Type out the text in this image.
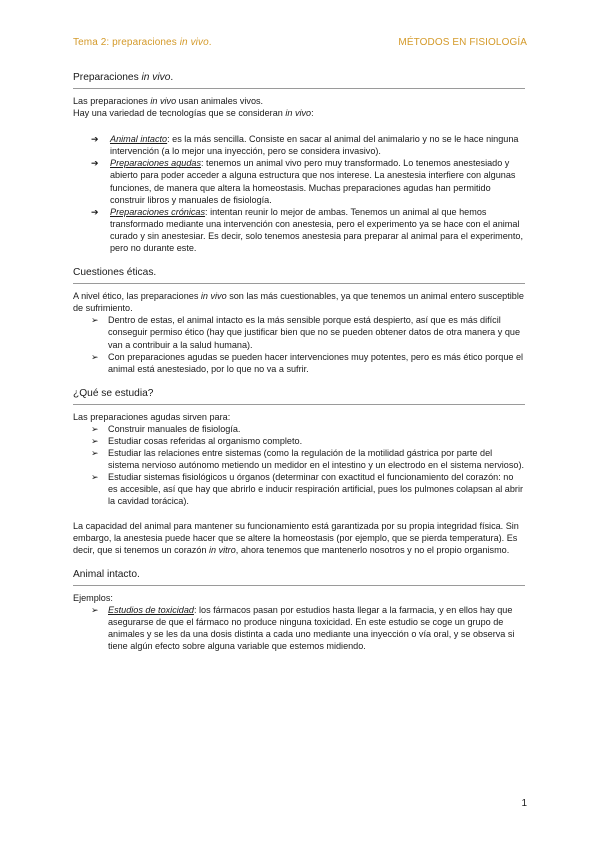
Tema 2: preparaciones in vivo.	MÉTODOS EN FISIOLOGÍA
Preparaciones in vivo.

Las preparaciones in vivo usan animales vivos.

Hay una variedad de tecnologías que se consideran in vivo:

➔ Animal intacto: es la más sencilla. Consiste en sacar al animal del animalario y no se le hace ninguna intervención (a lo mejor una inyección, pero se considera invasivo).
➔ Preparaciones agudas: tenemos un animal vivo pero muy transformado. Lo tenemos anestesiado y abierto para poder acceder a alguna estructura que nos interese. La anestesia interfiere con algunas funciones, de manera que altera la homeostasis. Muchas preparaciones agudas han permitido construir libros y manuales de fisiología.
➔ Preparaciones crónicas: intentan reunir lo mejor de ambas. Tenemos un animal al que hemos transformado mediante una intervención con anestesia, pero el experimento ya se hace con el animal curado y sin anestesiar. Es decir, solo tenemos anestesia para preparar al animal para el experimento, pero no durante este.
Cuestiones éticas.

A nivel ético, las preparaciones in vivo son las más cuestionables, ya que tenemos un animal entero susceptible de sufrimiento.

➢ Dentro de estas, el animal intacto es la más sensible porque está despierto, así que es más difícil conseguir permiso ético (hay que justificar bien que no se pueden obtener datos de otra manera y que van a contribuir a la salud humana).
➢ Con preparaciones agudas se pueden hacer intervenciones muy potentes, pero es más ético porque el animal está anestesiado, por lo que no va a sufrir.
¿Qué se estudia?

Las preparaciones agudas sirven para:

➢ Construir manuales de fisiología.
➢ Estudiar cosas referidas al organismo completo.
➢ Estudiar las relaciones entre sistemas (como la regulación de la motilidad gástrica por parte del sistema nervioso autónomo metiendo un medidor en el intestino y un electrodo en el sistema nervioso).
➢ Estudiar sistemas fisiológicos u órganos (determinar con exactitud el funcionamiento del corazón: no es accesible, así que hay que abrirlo e inducir respiración artificial, pues los pulmones colapsan al abrir la cavidad torácica).

La capacidad del animal para mantener su funcionamiento está garantizada por su propia integridad física. Sin embargo, la anestesia puede hacer que se altere la homeostasis (por ejemplo, que se pierda temperatura). Es decir, que si tenemos un corazón in vitro, ahora tenemos que mantenerlo nosotros y no el propio organismo.

Animal intacto.

Ejemplos:

➢ Estudios de toxicidad: los fármacos pasan por estudios hasta llegar a la farmacia, y en ellos hay que asegurarse de que el fármaco no produce ninguna toxicidad. En este estudio se coge un grupo de animales y se les da una dosis distinta a cada uno mediante una inyección o vía oral, y se observa si tiene algún efecto sobre alguna variable que estemos midiendo.
1
